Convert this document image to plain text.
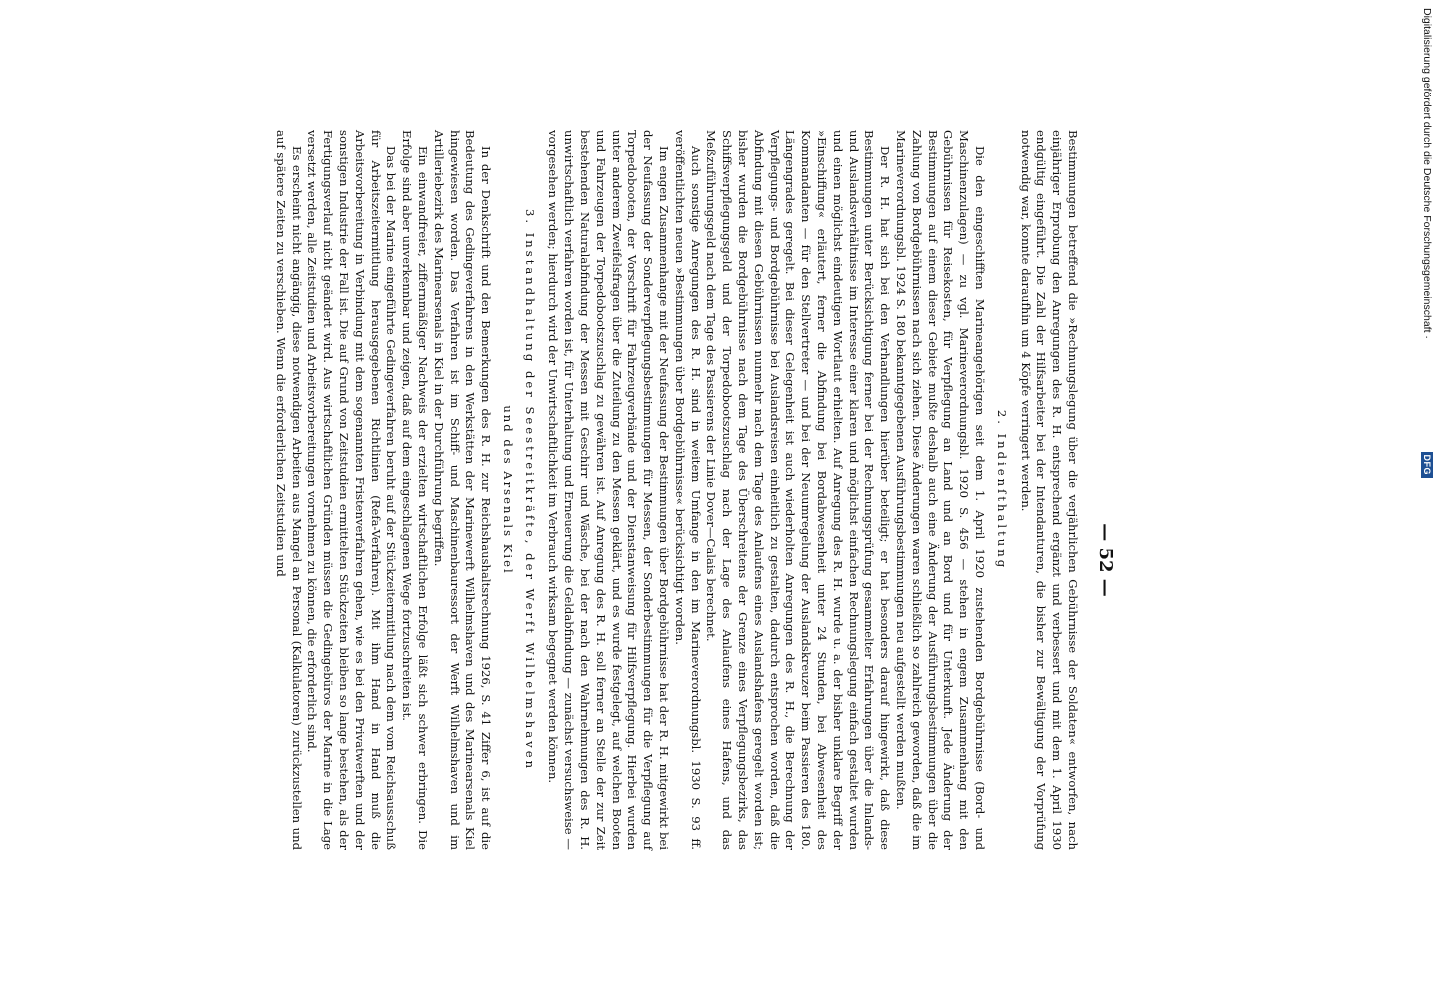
— 52 —

Bestimmungen betreffend die »Rechnungslegung über die verjährlichen Gebührnisse der Soldaten« entworfen, nach einjähriger Erprobung den Anregungen des R. H. entsprechend ergänzt und verbessert und mit dem 1. April 1930 endgültig eingeführt. Die Zahl der Hilfsarbeiter bei der Intendanturen, die bisher zur Bewältigung der Vorprüfung notwendig war, konnte daraufhin um 4 Köpfe verringert werden.

2. Indienſthaltung

Die den eingeschifften Marineangehörigen seit dem 1. April 1920 zustehenden Bordgebührnisse (Bord- und Maschinenzulagen) — zu vgl. Marineverordnungsbl. 1920 S. 456 — stehen in engem Zusammenhang mit den Gebührnissen für Reisekosten, für Verpflegung an Land und an Bord und für Unterkunft. Jede Änderung der Bestimmungen auf einem dieser Gebiete mußte deshalb auch eine Änderung der Ausführungsbestimmungen über die Zahlung von Bordgebührnissen nach sich ziehen. Diese Änderungen waren schließlich so zahlreich geworden, daß die im Marineverordnungsbl. 1924 S. 180 bekanntgegebenen Ausführungsbestimmungen neu aufgestellt werden mußten.

Der R. H. hat sich bei den Verhandlungen hierüber beteiligt; er hat besonders darauf hingewirkt, daß diese Bestimmungen unter Berücksichtigung ferner bei der Rechnungsprüfung gesammelter Erfahrungen über die Inlands- und Auslandsverhältnisse im Interesse einer klaren und möglichst einfachen Rechnungslegung einfach gestaltet wurden und einen möglichst eindeutigen Wortlaut erhielten. Auf Anregung des R. H. wurde u. a. der bisher unklare Begriff der »Einschiffung« erläutert, ferner die Abfindung bei Bordabwesenheit unter 24 Stunden, bei Abwesenheit des Kommandanten — für den Stellvertreter — und bei der Neuumregelung der Auslandskreuzer beim Passieren des 180. Längengrades geregelt. Bei dieser Gelegenheit ist auch wiederholten Anregungen des R. H., die Berechnung der Verpflegungs- und Bordgebührnisse bei Auslandsreisen einheitlich zu gestalten, dadurch entsprochen worden, daß die Abfindung mit diesen Gebührnissen nunmehr nach dem Tage des Anlaufens eines Auslandshafens geregelt worden ist; bisher wurden die Bordgebührnisse nach dem Tage des Überschreitens der Grenze eines Verpflegungsbezirks, das Schiffsverpflegungsgeld und der Torpedobootszuschlag nach der Lage des Anlaufens eines Hafens, und das Meßzuführungsgeld nach dem Tage des Passierens der Linie Dover—Calais berechnet.

Auch sonstige Anregungen des R. H. sind in weitem Umfange in den im Marineverordnungsbl. 1930 S. 93 ff. veröffentlichten neuen »Bestimmungen über Bordgebührnisse« berücksichtigt worden.

Im engen Zusammenhange mit der Neufassung der Bestimmungen über Bordgebührnisse hat der R. H. mitgewirkt bei der Neufassung der Sonderverpflegungsbestimmungen für Messen, der Sonderbestimmungen für die Verpflegung auf Torpedobooten, der Vorschrift für Fahrzeugverbände und der Dienstanweisung für Hilfsverpflegung. Hierbei wurden unter anderem Zweifelsfragen über die Zuteilung zu den Messen geklärt, und es wurde festgelegt, auf welchen Booten und Fahrzeugen der Torpedobootszuschlag zu gewähren ist. Auf Anregung des R. H. soll ferner an Stelle der zur Zeit bestehenden Naturalabfindung der Messen mit Geschirr und Wäsche, bei der nach den Wahrnehmungen des R. H. unwirtschaftlich verfahren worden ist, für Unterhaltung und Erneuerung die Geldabfindung — zunächst versuchsweise — vorgesehen werden; hierdurch wird der Unwirtschaftlichkeit im Verbrauch wirksam begegnet werden können.

3. Instandhaltung der Seestreitkräfte, der Werft Wilhelmshaven
und des Arsenals Kiel

In der Denkschrift und den Bemerkungen des R. H. zur Reichshaushaltsrechnung 1926, S. 41 Ziffer 6, ist auf die Bedeutung des Gedingeverfahrens in den Werkstätten der Marinewerft Wilhelmshaven und des Marinearsenals Kiel hingewiesen worden. Das Verfahren ist im Schiff- und Maschinenbauressort der Werft Wilhelmshaven und im Artilleriebezirk des Marinearsenals in Kiel in der Durchführung begriffen.

Ein einwandfreier, ziffernmäßiger Nachweis der erzielten wirtschaftlichen Erfolge läßt sich schwer erbringen. Die Erfolge sind aber unverkennbar und zeigen, daß auf dem eingeschlagenen Wege fortzuschreiten ist.

Das bei der Marine eingeführte Gedingeverfahren beruht auf der Stückzeitermittlung nach dem vom Reichsausschuß für Arbeitszeitermittlung herausgegebenen Richtlinien (Refa-Verfahren). Mit ihm Hand in Hand muß die Arbeitsvorbereitung in Verbindung mit dem sogenannten Fristenverfahren gehen, wie es bei den Privatwerften und der sonstigen Industrie der Fall ist. Die auf Grund von Zeitstudien ermittelten Stückzeiten bleiben so lange bestehen, als der Fertigungsverlauf nicht geändert wird. Aus wirtschaftlichen Gründen müssen die Gedingebüros der Marine in die Lage versetzt werden, alle Zeitstudien und Arbeitsvorbereitungen vornehmen zu können, die erforderlich sind.

Es erscheint nicht angängig, diese notwendigen Arbeiten aus Mangel an Personal (Kalkulatoren) zurückzustellen und auf spätere Zeiten zu verschieben. Wenn die erforderlichen Zeitstudien und	Digitalisierung gefördert durch die Deutsche Forschungsgemeinschaft ·
DFG
